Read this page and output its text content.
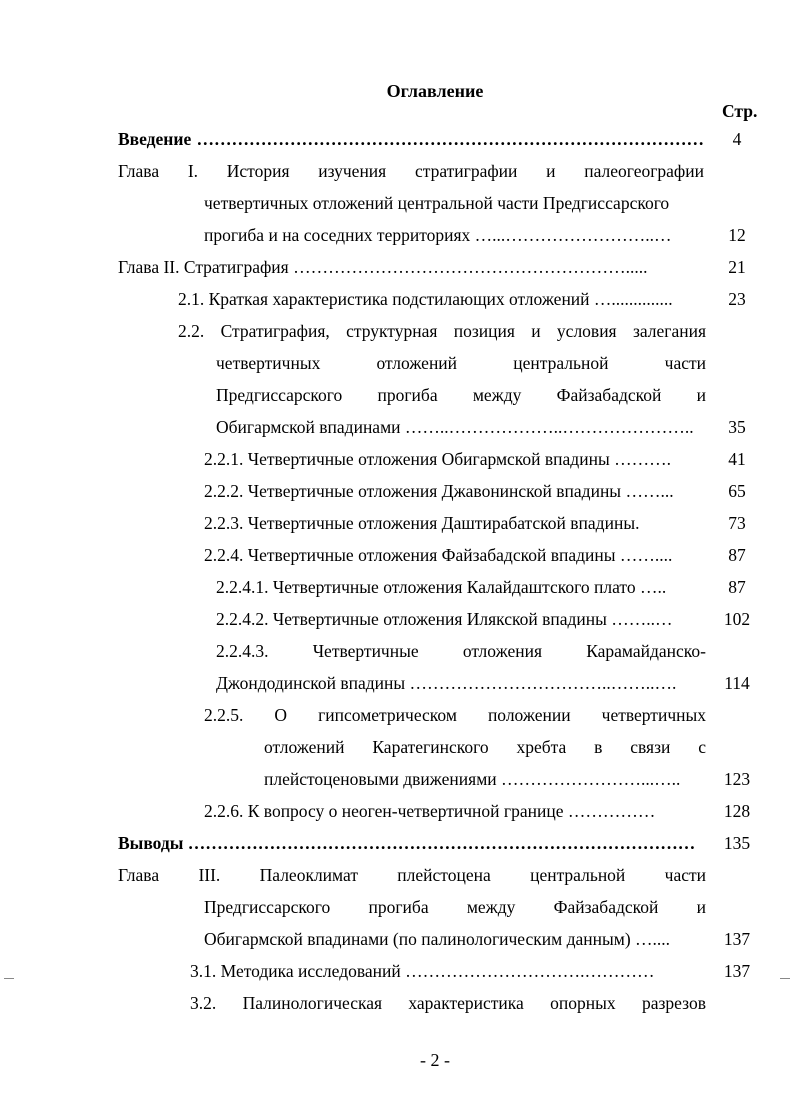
Оглавление
Стр.
Введение ……………………………………………………………………………	4
Глава I. История изучения стратиграфии и палеогеографии
четвертичных отложений центральной части Предгиссарского
прогиба и на соседних территориях …...……………………..…	12
Глава II. Стратиграфия ………………………………………………….....	21
2.1. Краткая характеристика подстилающих отложений …..............	23
2.2. Стратиграфия, структурная позиция и условия залегания
четвертичных отложений центральной части
Предгиссарского прогиба между Файзабадской и
Обигармской впадинами ……..………………..…………………..	35
2.2.1. Четвертичные отложения Обигармской впадины ……….	41
2.2.2. Четвертичные отложения Джавонинской впадины ……...	65
2.2.3. Четвертичные отложения Даштирабатской впадины.	73
2.2.4. Четвертичные отложения Файзабадской впадины ……....	87
2.2.4.1. Четвертичные отложения Калайдаштского плато …..	87
2.2.4.2. Четвертичные отложения Илякской впадины ……..…	102
2.2.4.3. Четвертичные отложения Карамайданско-
Джондодинской впадины ……………………………..……..….	114
2.2.5. О гипсометрическом положении четвертичных
отложений Каратегинского хребта в связи с
плейстоценовыми движениями ……………………...….. 123
2.2.6. К вопросу о неоген-четвертичной границе ……………	128
Выводы …………………………………………………………………………… 135
Глава III. Палеоклимат плейстоцена центральной части
Предгиссарского прогиба между Файзабадской и
Обигармской впадинами (по палинологическим данным) …....	137
3.1. Методика исследований ………………………….…………	137
3.2. Палинологическая характеристика опорных разрезов
- 2 -
